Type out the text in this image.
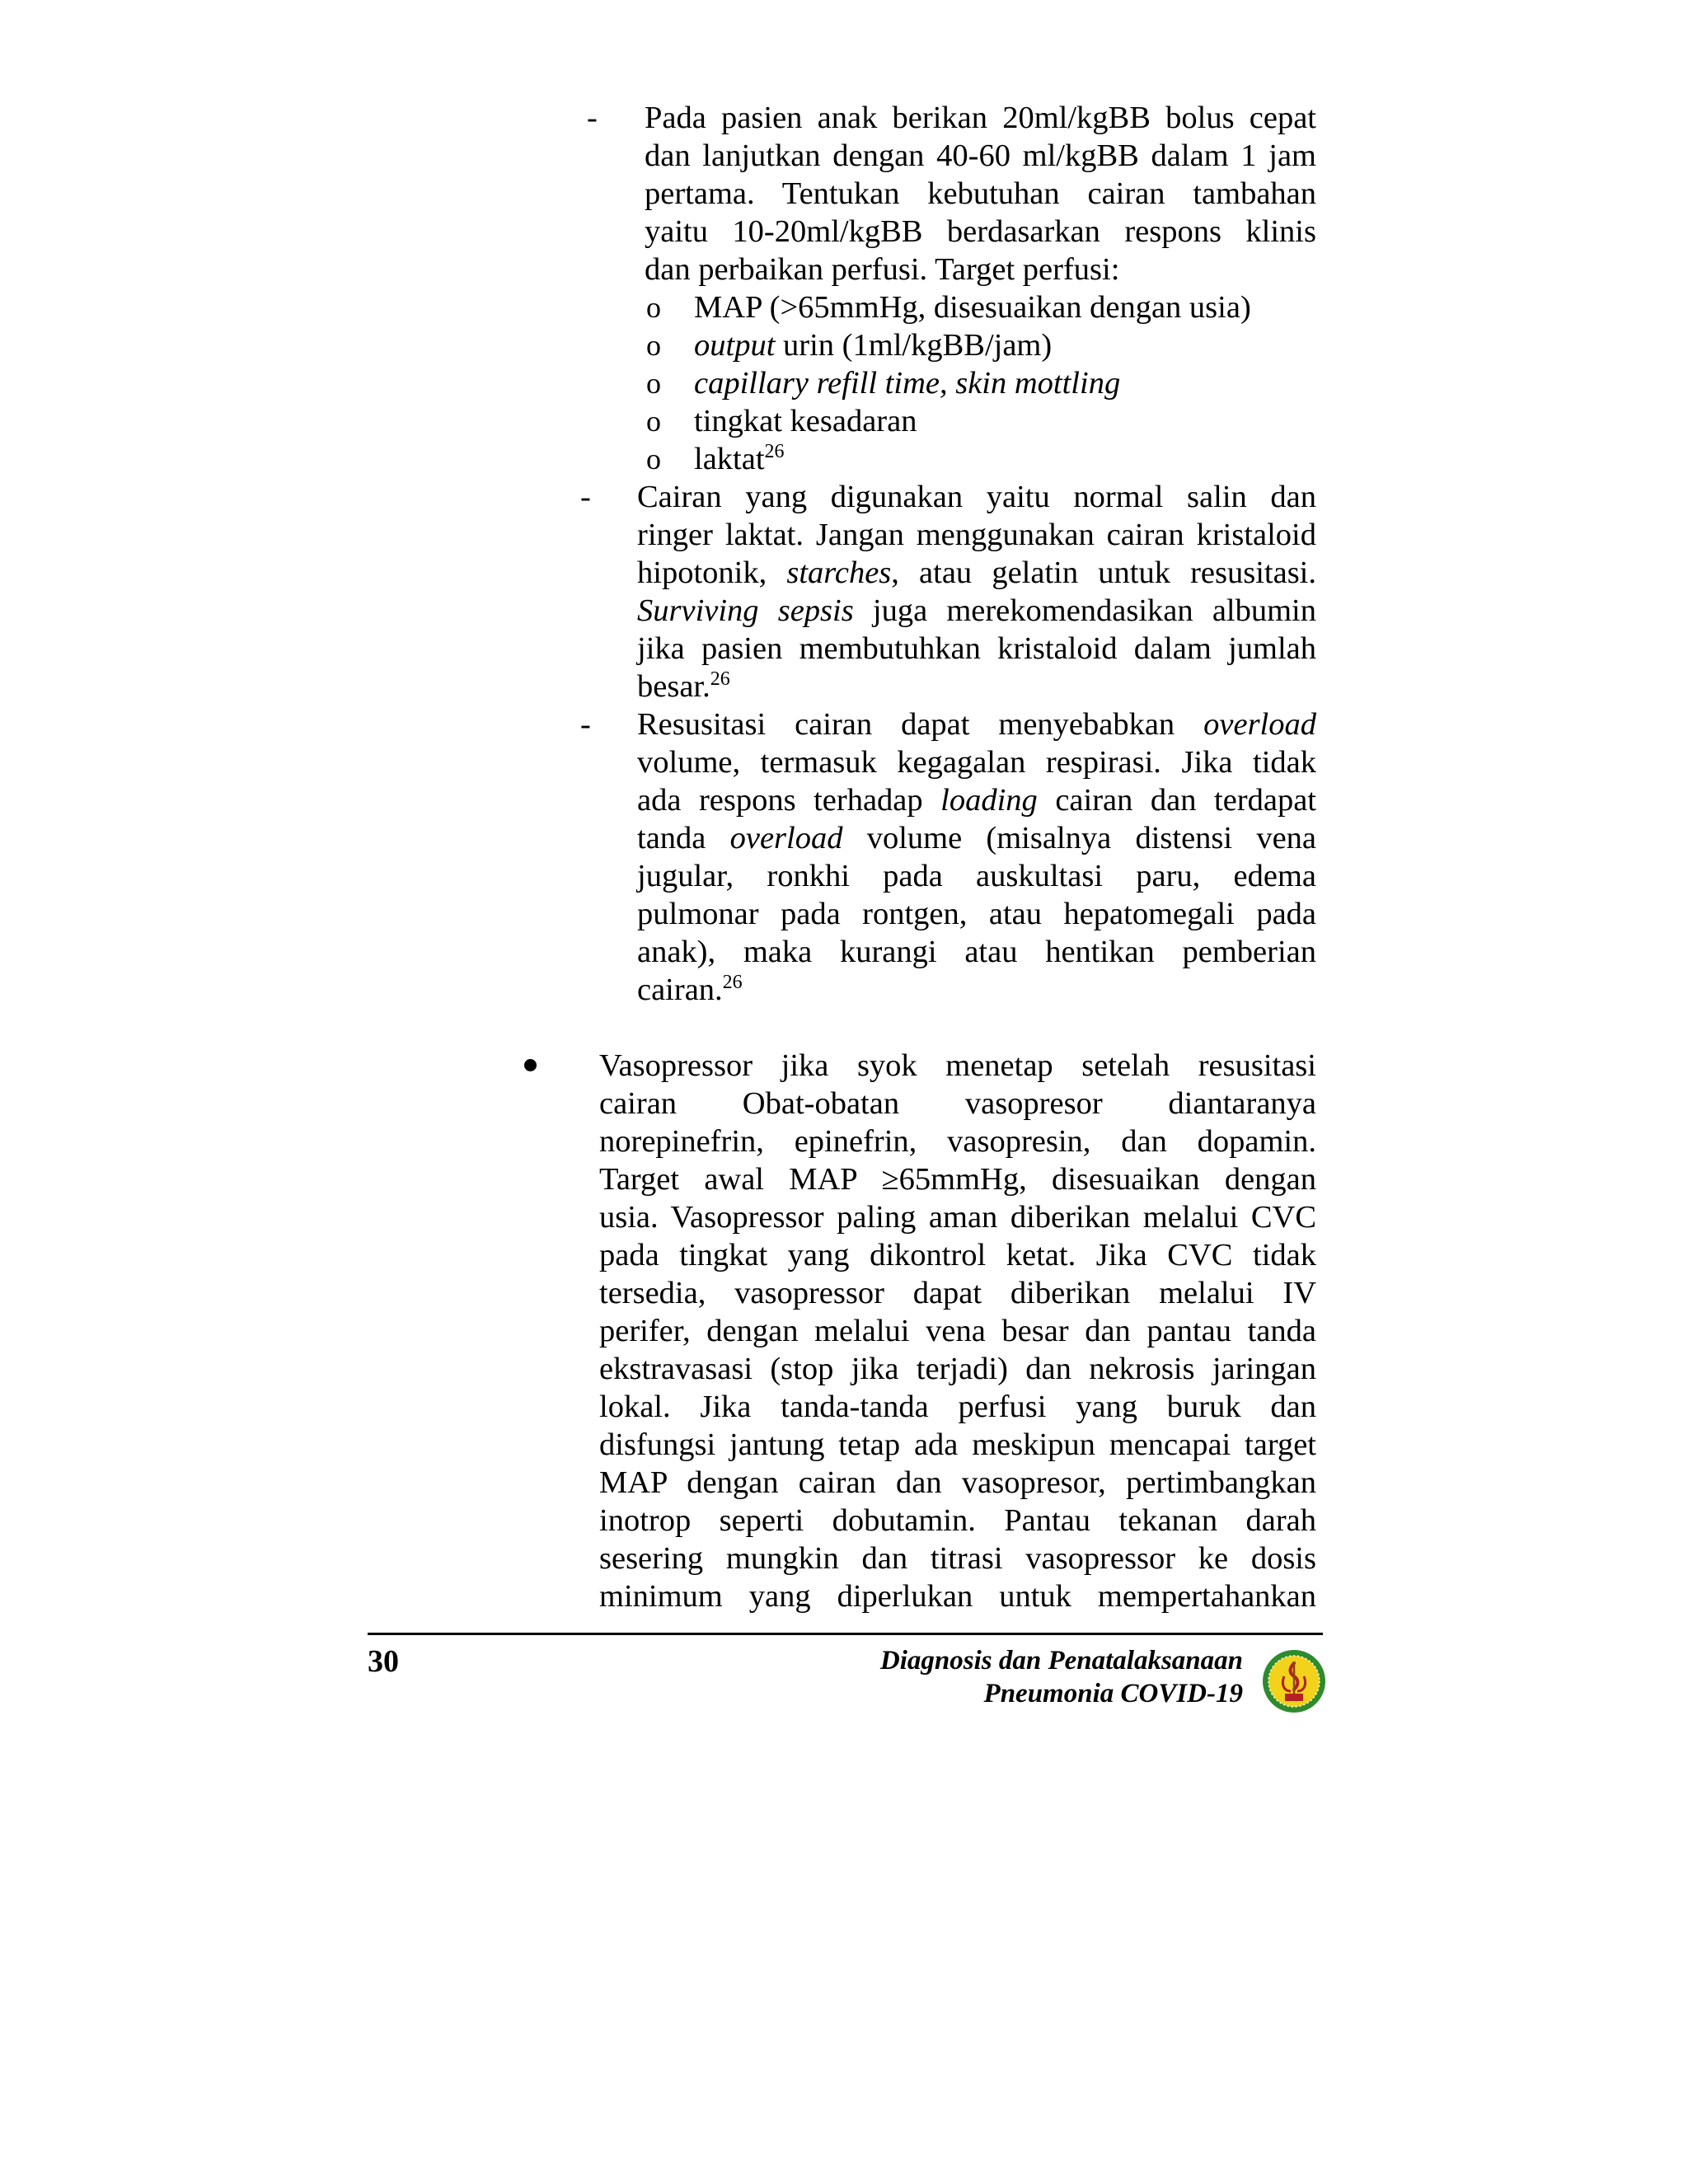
- Pada pasien anak berikan 20ml/kgBB bolus cepat
dan lanjutkan dengan 40-60 ml/kgBB dalam 1 jam
pertama. Tentukan kebutuhan cairan tambahan
yaitu 10-20ml/kgBB berdasarkan respons klinis
dan perbaikan perfusi. Target perfusi:
o MAP (>65mmHg, disesuaikan dengan usia)
o output urin (1ml/kgBB/jam)
o capillary refill time, skin mottling
o tingkat kesadaran
o laktat$^{26}$
- Cairan yang digunakan yaitu normal salin dan
ringer laktat. Jangan menggunakan cairan kristaloid
hipotonik, starches, atau gelatin untuk resusitasi.
Surviving sepsis juga merekomendasikan albumin
jika pasien membutuhkan kristaloid dalam jumlah
besar.$^{26}$
- Resusitasi cairan dapat menyebabkan overload
volume, termasuk kegagalan respirasi. Jika tidak
ada respons terhadap loading cairan dan terdapat
tanda overload volume (misalnya distensi vena
jugular, ronkhi pada auskultasi paru, edema
pulmonar pada rontgen, atau hepatomegali pada
anak), maka kurangi atau hentikan pemberian
cairan.$^{26}$
Vasopressor jika syok menetap setelah resusitasi
cairan Obat-obatan vasopresor diantaranya
norepinefrin, epinefrin, vasopresin, dan dopamin.
Target awal MAP ≥65mmHg, disesuaikan dengan
usia. Vasopressor paling aman diberikan melalui CVC
pada tingkat yang dikontrol ketat. Jika CVC tidak
tersedia, vasopressor dapat diberikan melalui IV
perifer, dengan melalui vena besar dan pantau tanda
ekstravasasi (stop jika terjadi) dan nekrosis jaringan
lokal. Jika tanda-tanda perfusi yang buruk dan
disfungsi jantung tetap ada meskipun mencapai target
MAP dengan cairan dan vasopresor, pertimbangkan
inotrop seperti dobutamin. Pantau tekanan darah
sesering mungkin dan titrasi vasopressor ke dosis
minimum yang diperlukan untuk mempertahankan
30	Diagnosis dan Penatalaksanaan
Pneumonia COVID-19
